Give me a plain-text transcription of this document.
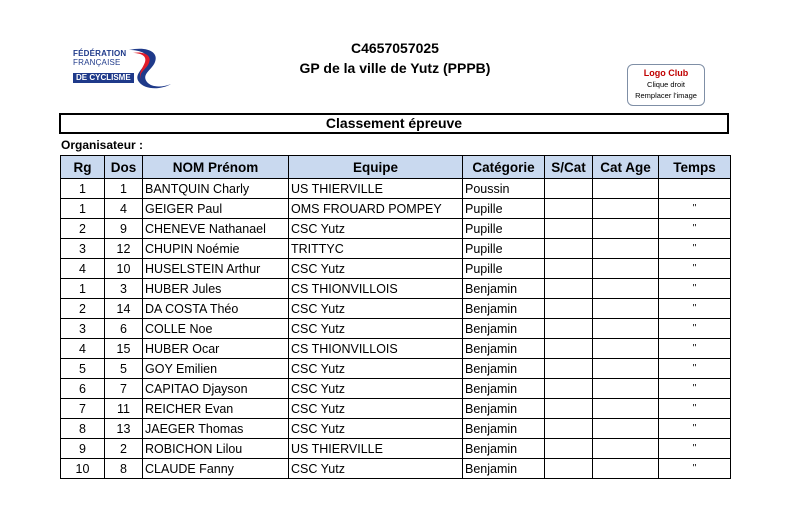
FÉDÉRATION
FRANÇAISE
DE CYCLISME
C4657057025
GP de la ville de Yutz (PPPB)	Logo Club
Clique droit
Remplacer l'image
Classement épreuve
Organisateur :
Rg	Dos	NOM Prénom	Equipe	Catégorie	S/Cat	Cat Age	Temps
1	1	BANTQUIN Charly	US THIERVILLE	Poussin			
1	4	GEIGER Paul	OMS FROUARD POMPEY	Pupille			"
2	9	CHENEVE Nathanael	CSC Yutz	Pupille			"
3	12	CHUPIN Noémie	TRITTYC	Pupille			"
4	10	HUSELSTEIN Arthur	CSC Yutz	Pupille			"
1	3	HUBER Jules	CS THIONVILLOIS	Benjamin			"
2	14	DA COSTA Théo	CSC Yutz	Benjamin			"
3	6	COLLE Noe	CSC Yutz	Benjamin			"
4	15	HUBER Ocar	CS THIONVILLOIS	Benjamin			"
5	5	GOY Emilien	CSC Yutz	Benjamin			"
6	7	CAPITAO Djayson	CSC Yutz	Benjamin			"
7	11	REICHER Evan	CSC Yutz	Benjamin			"
8	13	JAEGER Thomas	CSC Yutz	Benjamin			"
9	2	ROBICHON Lilou	US THIERVILLE	Benjamin			"
10	8	CLAUDE Fanny	CSC Yutz	Benjamin			"
